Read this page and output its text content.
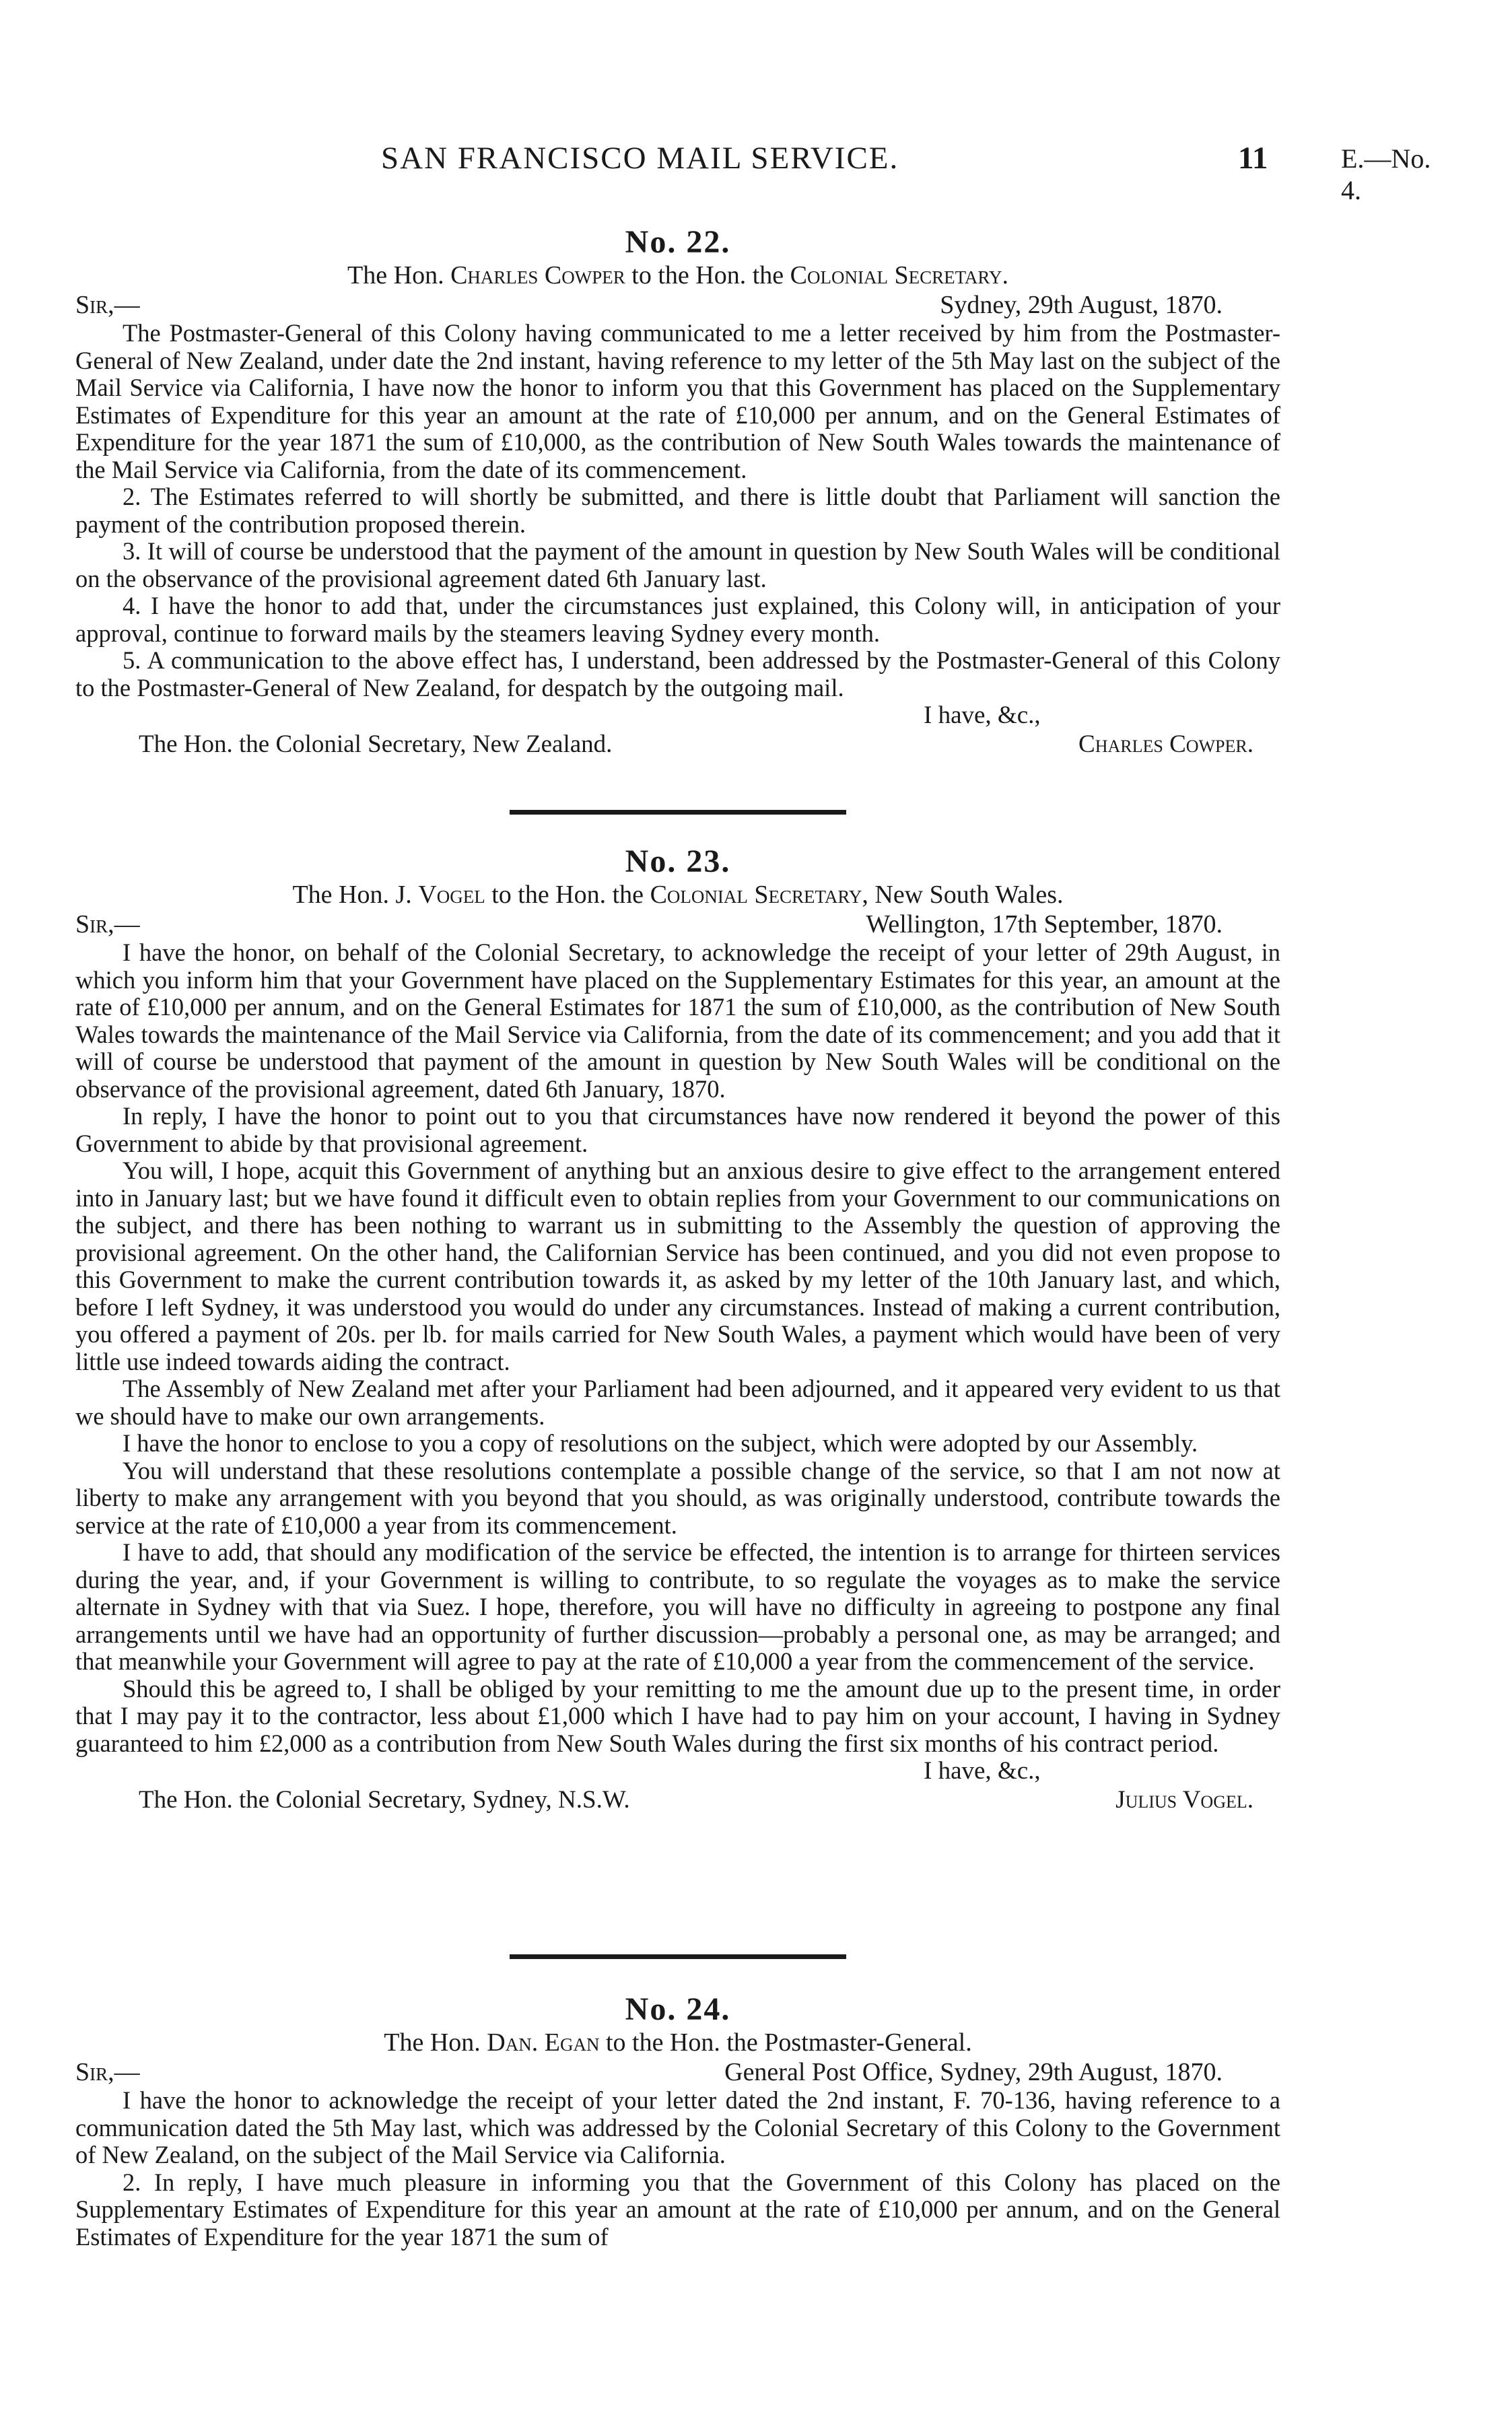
SAN FRANCISCO MAIL SERVICE.	11	E.—No. 4.
No. 22.

The Hon. Charles Cowper to the Hon. the Colonial Secretary.

Sir,—	Sydney, 29th August, 1870.

The Postmaster-General of this Colony having communicated to me a letter received by him from the Postmaster-General of New Zealand, under date the 2nd instant, having reference to my letter of the 5th May last on the subject of the Mail Service via California, I have now the honor to inform you that this Government has placed on the Supplementary Estimates of Expenditure for this year an amount at the rate of £10,000 per annum, and on the General Estimates of Expenditure for the year 1871 the sum of £10,000, as the contribution of New South Wales towards the maintenance of the Mail Service via California, from the date of its commencement.

2. The Estimates referred to will shortly be submitted, and there is little doubt that Parliament will sanction the payment of the contribution proposed therein.

3. It will of course be understood that the payment of the amount in question by New South Wales will be conditional on the observance of the provisional agreement dated 6th January last.

4. I have the honor to add that, under the circumstances just explained, this Colony will, in anticipation of your approval, continue to forward mails by the steamers leaving Sydney every month.

5. A communication to the above effect has, I understand, been addressed by the Postmaster-General of this Colony to the Postmaster-General of New Zealand, for despatch by the outgoing mail.

I have, &c.,

The Hon. the Colonial Secretary, New Zealand.	Charles Cowper.
No. 23.

The Hon. J. Vogel to the Hon. the Colonial Secretary, New South Wales.

Sir,—	Wellington, 17th September, 1870.

I have the honor, on behalf of the Colonial Secretary, to acknowledge the receipt of your letter of 29th August, in which you inform him that your Government have placed on the Supplementary Estimates for this year, an amount at the rate of £10,000 per annum, and on the General Estimates for 1871 the sum of £10,000, as the contribution of New South Wales towards the maintenance of the Mail Service via California, from the date of its commencement; and you add that it will of course be understood that payment of the amount in question by New South Wales will be conditional on the observance of the provisional agreement, dated 6th January, 1870.

In reply, I have the honor to point out to you that circumstances have now rendered it beyond the power of this Government to abide by that provisional agreement.

You will, I hope, acquit this Government of anything but an anxious desire to give effect to the arrangement entered into in January last; but we have found it difficult even to obtain replies from your Government to our communications on the subject, and there has been nothing to warrant us in submitting to the Assembly the question of approving the provisional agreement. On the other hand, the Californian Service has been continued, and you did not even propose to this Government to make the current contribution towards it, as asked by my letter of the 10th January last, and which, before I left Sydney, it was understood you would do under any circumstances. Instead of making a current contribution, you offered a payment of 20s. per lb. for mails carried for New South Wales, a payment which would have been of very little use indeed towards aiding the contract.

The Assembly of New Zealand met after your Parliament had been adjourned, and it appeared very evident to us that we should have to make our own arrangements.

I have the honor to enclose to you a copy of resolutions on the subject, which were adopted by our Assembly.

You will understand that these resolutions contemplate a possible change of the service, so that I am not now at liberty to make any arrangement with you beyond that you should, as was originally understood, contribute towards the service at the rate of £10,000 a year from its commencement.

I have to add, that should any modification of the service be effected, the intention is to arrange for thirteen services during the year, and, if your Government is willing to contribute, to so regulate the voyages as to make the service alternate in Sydney with that via Suez. I hope, therefore, you will have no difficulty in agreeing to postpone any final arrangements until we have had an opportunity of further discussion—probably a personal one, as may be arranged; and that meanwhile your Government will agree to pay at the rate of £10,000 a year from the commencement of the service.

Should this be agreed to, I shall be obliged by your remitting to me the amount due up to the present time, in order that I may pay it to the contractor, less about £1,000 which I have had to pay him on your account, I having in Sydney guaranteed to him £2,000 as a contribution from New South Wales during the first six months of his contract period.

I have, &c.,

The Hon. the Colonial Secretary, Sydney, N.S.W.	Julius Vogel.
No. 24.

The Hon. Dan. Egan to the Hon. the Postmaster-General.

Sir,—	General Post Office, Sydney, 29th August, 1870.

I have the honor to acknowledge the receipt of your letter dated the 2nd instant, F. 70-136, having reference to a communication dated the 5th May last, which was addressed by the Colonial Secretary of this Colony to the Government of New Zealand, on the subject of the Mail Service via California.

2. In reply, I have much pleasure in informing you that the Government of this Colony has placed on the Supplementary Estimates of Expenditure for this year an amount at the rate of £10,000 per annum, and on the General Estimates of Expenditure for the year 1871 the sum of
